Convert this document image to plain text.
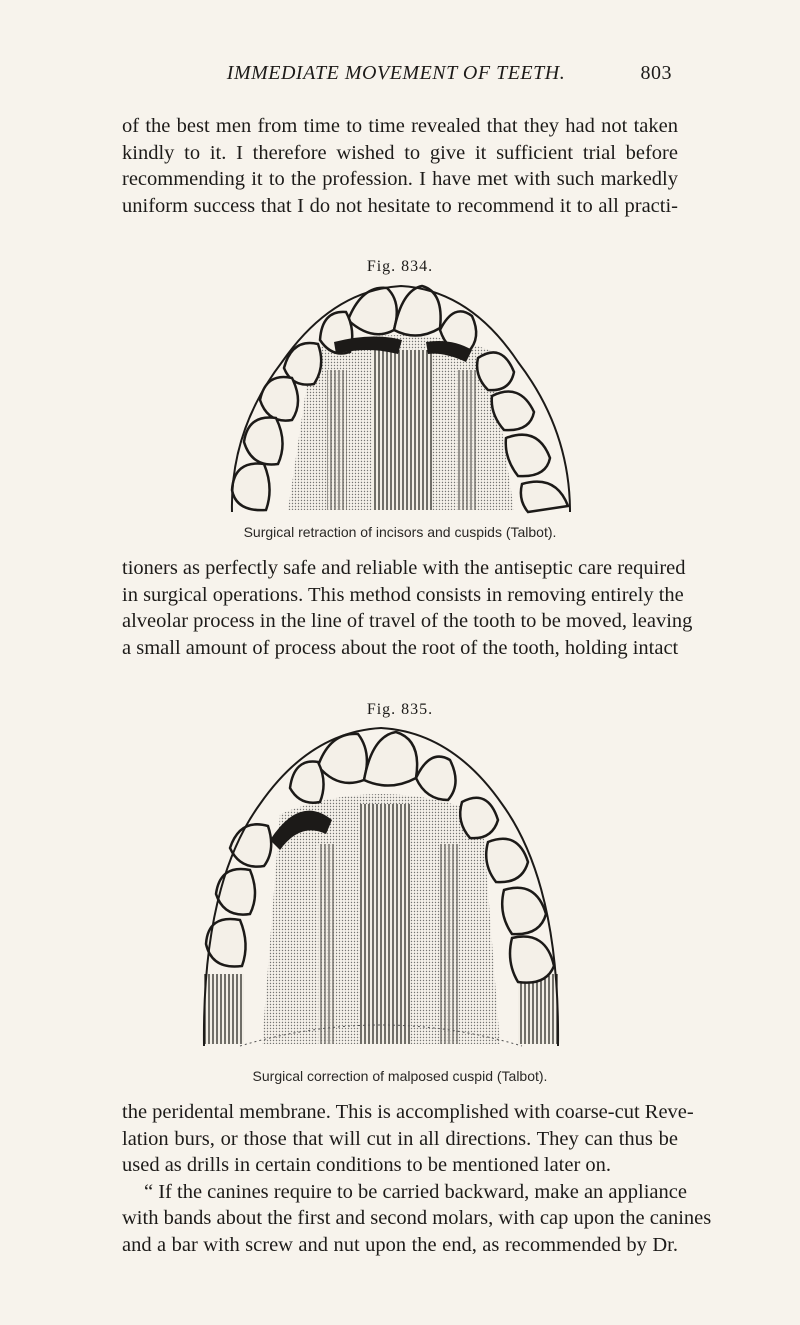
IMMEDIATE MOVEMENT OF TEETH.	803

of the best men from time to time revealed that they had not taken
kindly to it. I therefore wished to give it sufficient trial before
recommending it to the profession. I have met with such markedly
uniform success that I do not hesitate to recommend it to all practi-

Fig. 834.
Surgical retraction of incisors and cuspids (Talbot).

tioners as perfectly safe and reliable with the antiseptic care required
in surgical operations. This method consists in removing entirely the
alveolar process in the line of travel of the tooth to be moved, leaving
a small amount of process about the root of the tooth, holding intact

Fig. 835.
Surgical correction of malposed cuspid (Talbot).

the peridental membrane. This is accomplished with coarse-cut Reve-
lation burs, or those that will cut in all directions. They can thus be
used as drills in certain conditions to be mentioned later on.
“ If the canines require to be carried backward, make an appliance
with bands about the first and second molars, with cap upon the canines
and a bar with screw and nut upon the end, as recommended by Dr.
